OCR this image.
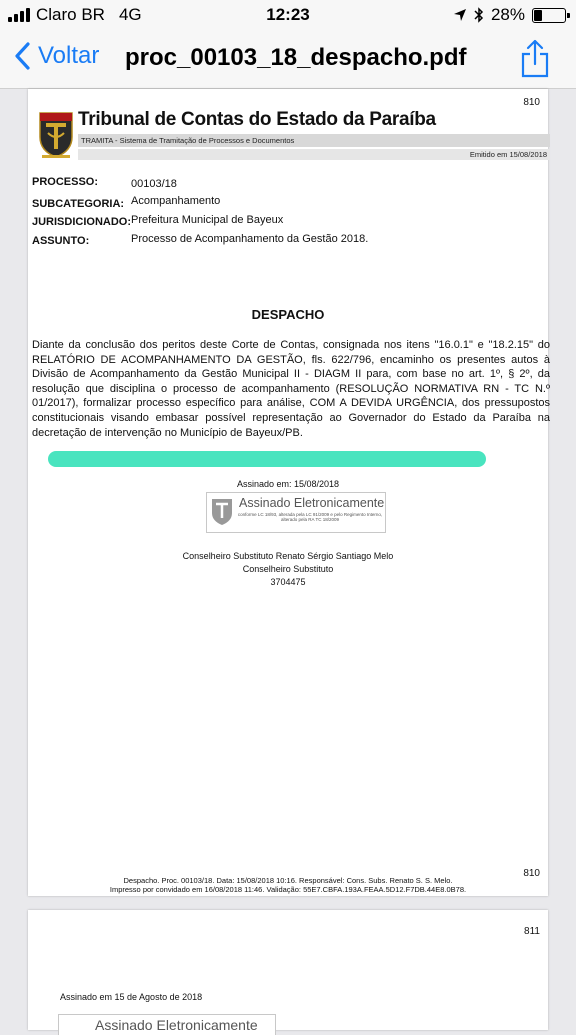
Claro BR 4G	12:23	28%
Voltar proc_00103_18_despacho.pdf
810
Tribunal de Contas do Estado da Paraíba
TRAMITA - Sistema de Tramitação de Processos e Documentos
Emitido em 15/08/2018
PROCESSO:	00103/18
SUBCATEGORIA: Acompanhamento
JURISDICIONADO: Prefeitura Municipal de Bayeux
ASSUNTO:	Processo de Acompanhamento da Gestão 2018.
DESPACHO
Diante da conclusão dos peritos deste Corte de Contas, consignada nos itens "16.0.1" e "18.2.15" do RELATÓRIO DE ACOMPANHAMENTO DA GESTÃO, fls. 622/796, encaminho os presentes autos à Divisão de Acompanhamento da Gestão Municipal II - DIAGM II para, com base no art. 1º, § 2º, da resolução que disciplina o processo de acompanhamento (RESOLUÇÃO NORMATIVA RN - TC N.º 01/2017), formalizar processo específico para análise, COM A DEVIDA URGÊNCIA, dos pressupostos constitucionais visando embasar possível representação ao Governador do Estado da Paraíba na decretação de intervenção no Município de Bayeux/PB.
Assinado em: 15/08/2018
Assinado Eletronicamente
conforme LC 18/93, alterada pela LC 91/2009 e pelo Regimento Interno, alterado pela RA TC 18/2009
Conselheiro Substituto Renato Sérgio Santiago Melo
Conselheiro Substituto
3704475
810
Despacho. Proc. 00103/18. Data: 15/08/2018 10:16. Responsável: Cons. Subs. Renato S. S. Melo.
Impresso por convidado em 16/08/2018 11:46. Validação: 55E7.CBFA.193A.FEAA.5D12.F7DB.44E8.0B78.
811
Assinado em 15 de Agosto de 2018
Assinado Eletronicamente
